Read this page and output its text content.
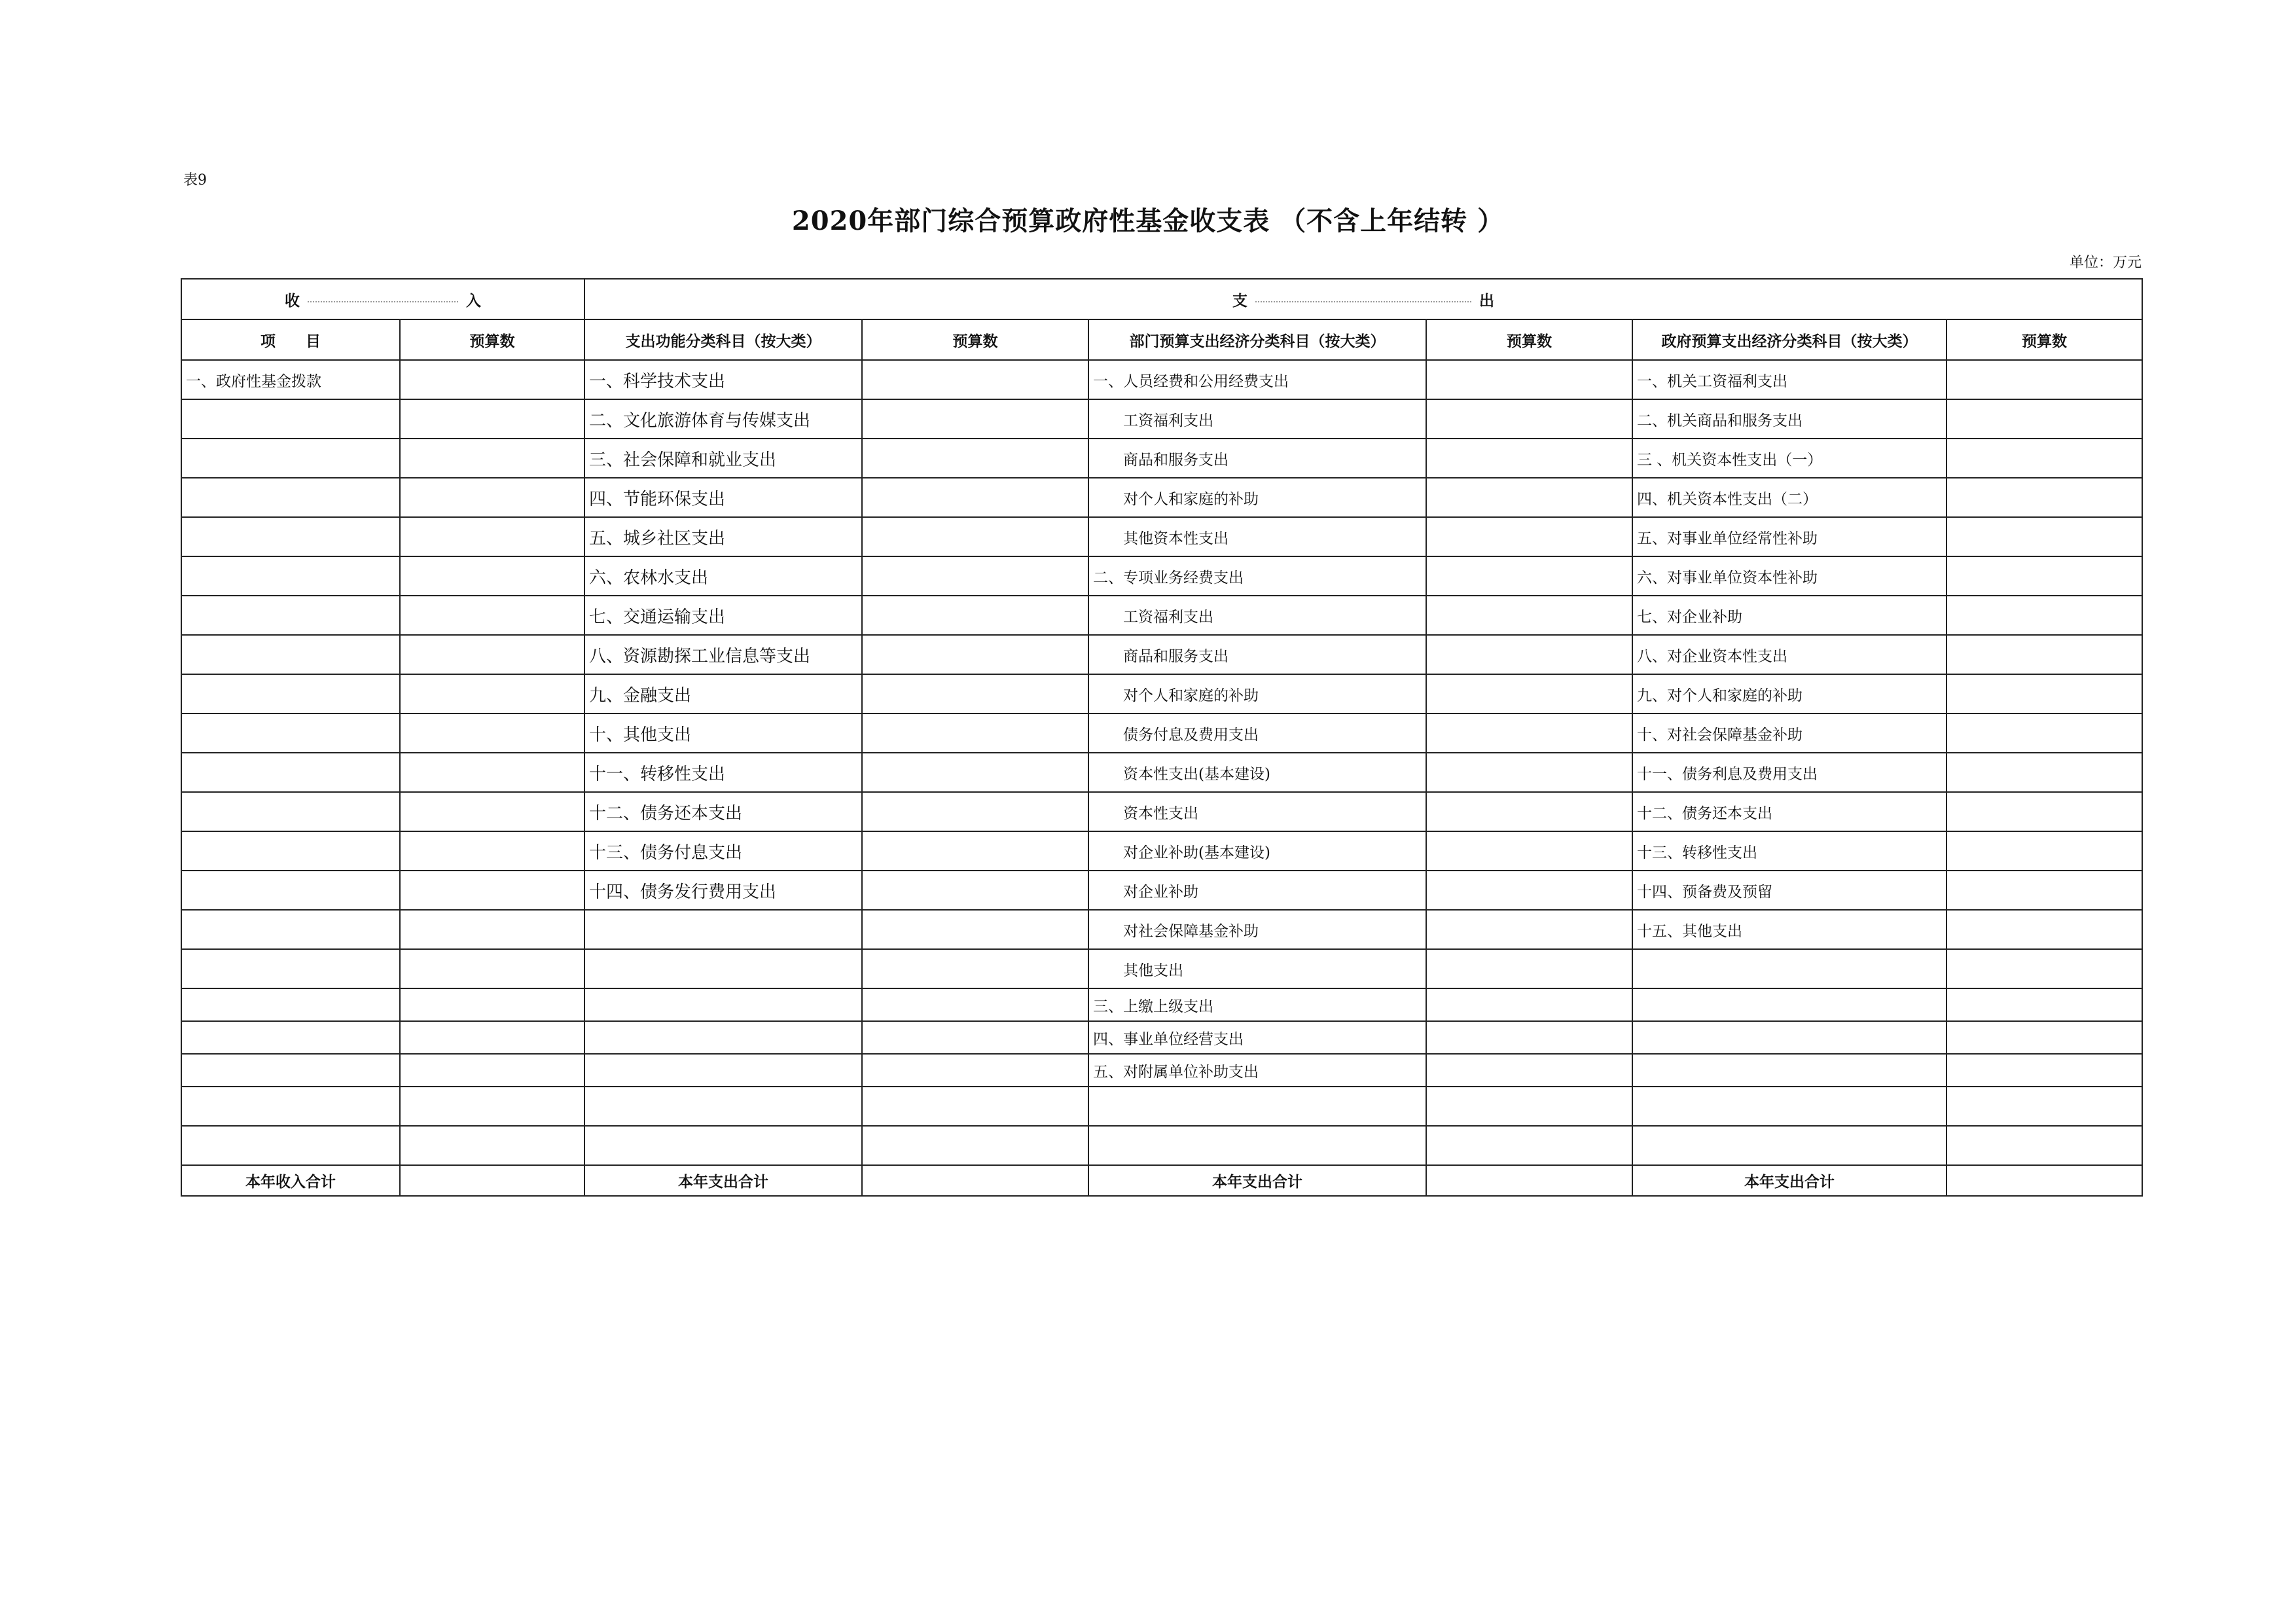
表9
2020年部门综合预算政府性基金收支表 （不含上年结转 ）
单位：万元
收 入		支 出					
项　　目	预算数	支出功能分类科目（按大类）	预算数	部门预算支出经济分类科目（按大类）	预算数	政府预算支出经济分类科目（按大类）	预算数
一、政府性基金拨款		一、科学技术支出		一、人员经费和公用经费支出		一、机关工资福利支出	
		二、文化旅游体育与传媒支出		工资福利支出		二、机关商品和服务支出	
		三、社会保障和就业支出		商品和服务支出		三 、机关资本性支出（一）	
		四、节能环保支出		对个人和家庭的补助		四、机关资本性支出（二）	
		五、城乡社区支出		其他资本性支出		五、对事业单位经常性补助	
		六、农林水支出		二、专项业务经费支出		六、对事业单位资本性补助	
		七、交通运输支出		工资福利支出		七、对企业补助	
		八、资源勘探工业信息等支出		商品和服务支出		八、对企业资本性支出	
		九、金融支出		对个人和家庭的补助		九、对个人和家庭的补助	
		十、其他支出		债务付息及费用支出		十、对社会保障基金补助	
		十一、转移性支出		资本性支出(基本建设)		十一、债务利息及费用支出	
		十二、债务还本支出		资本性支出		十二、债务还本支出	
		十三、债务付息支出		对企业补助(基本建设)		十三、转移性支出	
		十四、债务发行费用支出		对企业补助		十四、预备费及预留	
				对社会保障基金补助		十五、其他支出	
				其他支出			
				三、上缴上级支出			
				四、事业单位经营支出			
				五、对附属单位补助支出			

本年收入合计		本年支出合计		本年支出合计		本年支出合计	
